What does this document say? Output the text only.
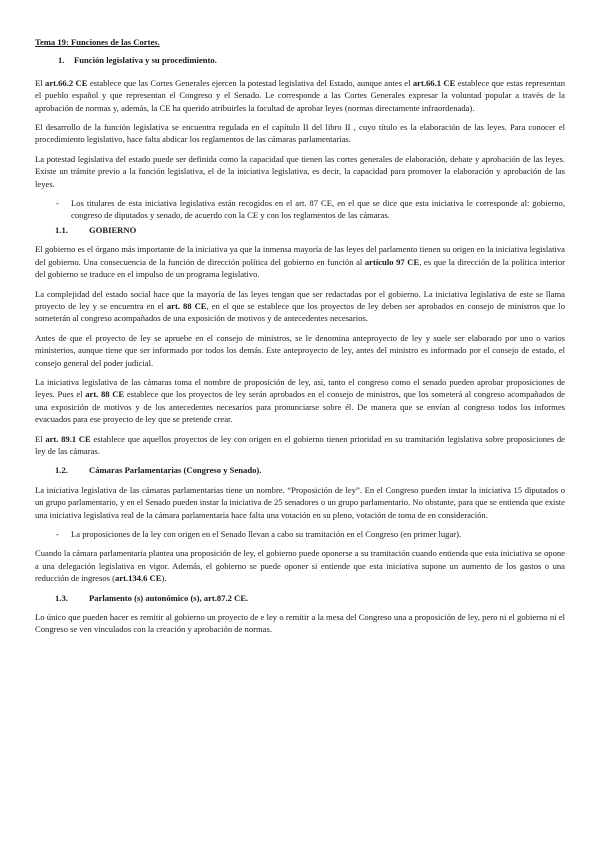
Tema 19: Funciones de las Cortes.
1. Función legislativa y su procedimiento.

El art.66.2 CE establece que las Cortes Generales ejercen la potestad legislativa del Estado, aunque antes el art.66.1 CE establece que estas representan el pueblo español y que representan el Congreso y el Senado. Le corresponde a las Cortes Generales expresar la voluntad popular a través de la aprobación de normas y, además, la CE ha querido atribuirles la facultad de aprobar leyes (normas directamente infraordenada).

El desarrollo de la función legislativa se encuentra regulada en el capítulo II del libro II , cuyo título es la elaboración de las leyes. Para conocer el procedimiento legislativo, hace falta abdicar los reglamentos de las cámaras parlamentarias.

La potestad legislativa del estado puede ser definida como la capacidad que tienen las cortes generales de elaboración, debate y aprobación de las leyes. Existe un trámite previo a la función legislativa, el de la iniciativa legislativa, es decir, la capacidad para promover la elaboración y aprobación de las leyes.

- Los titulares de esta iniciativa legislativa están recogidos en el art. 87 CE, en el que se dice que esta iniciativa le corresponde al: gobierno, congreso de diputados y senado, de acuerdo con la CE y con los reglamentos de las cámaras.
1.1. GOBIERNO

El gobierno es el órgano más importante de la iniciativa ya que la inmensa mayoría de las leyes del parlamento tienen su origen en la iniciativa legislativa del gobierno. Una consecuencia de la función de dirección política del gobierno en función al artículo 97 CE, es que la dirección de la política interior del gobierno se traduce en el impulso de un programa legislativo.

La complejidad del estado social hace que la mayoría de las leyes tengan que ser redactadas por el gobierno. La iniciativa legislativa de este se llama proyecto de ley y se encuentra en el art. 88 CE, en el que se establece que los proyectos de ley deben ser aprobados en consejo de ministros que lo someterán al congreso acompañados de una exposición de motivos y de antecedentes necesarios.

Antes de que el proyecto de ley se apruebe en el consejo de ministros, se le denomina anteproyecto de ley y suele ser elaborado por uno o varios ministerios, aunque tiene que ser informado por todos los demás. Este anteproyecto de ley, antes del ministro es informado por el consejo de estado, el consejo general del poder judicial.

La iniciativa legislativa de las cámaras toma el nombre de proposición de ley, así, tanto el congreso como el senado pueden aprobar proposiciones de leyes. Pues el art. 88 CE establece que los proyectos de ley serán aprobados en el consejo de ministros, que los someterá al congreso acompañados de una exposición de motivos y de los antecedentes necesarios para pronunciarse sobre él. De manera que se envían al congreso todos los informes evacuados para ese proyecto de ley que se pretende crear.

El art. 89.1 CE establece que aquellos proyectos de ley con origen en el gobierno tienen prioridad en su tramitación legislativa sobre proposiciones de ley de las cámaras.

1.2. Cámaras Parlamentarias (Congreso y Senado).

La iniciativa legislativa de las cámaras parlamentarias tiene un nombre. “Proposición de ley”. En el Congreso pueden instar la iniciativa 15 diputados o un grupo parlamentario, y en el Senado pueden instar la iniciativa de 25 senadores o un grupo parlamentario. No obstante, para que se entienda que existe una iniciativa legislativa real de la cámara parlamentaria hace falta una votación en su pleno, votación de toma de en consideración.

- La proposiciones de la ley con origen en el Senado llevan a cabo su tramitación en el Congreso (en primer lugar).

Cuando la cámara parlamentaria plantea una proposición de ley, el gobierno puede oponerse a su tramitación cuando entienda que esta iniciativa se opone a una delegación legislativa en vigor. Además, el gobierno se puede oponer si entiende que esta iniciativa supone un aumento de los gastos o una reducción de ingresos (art.134.6 CE).

1.3. Parlamento (s) autonómico (s), art.87.2 CE.

Lo único que pueden hacer es remitir al gobierno un proyecto de e ley o remitir a la mesa del Congreso una a proposición de ley, pero ni el gobierno ni el Congreso se ven vinculados con la creación y aprobación de normas.
